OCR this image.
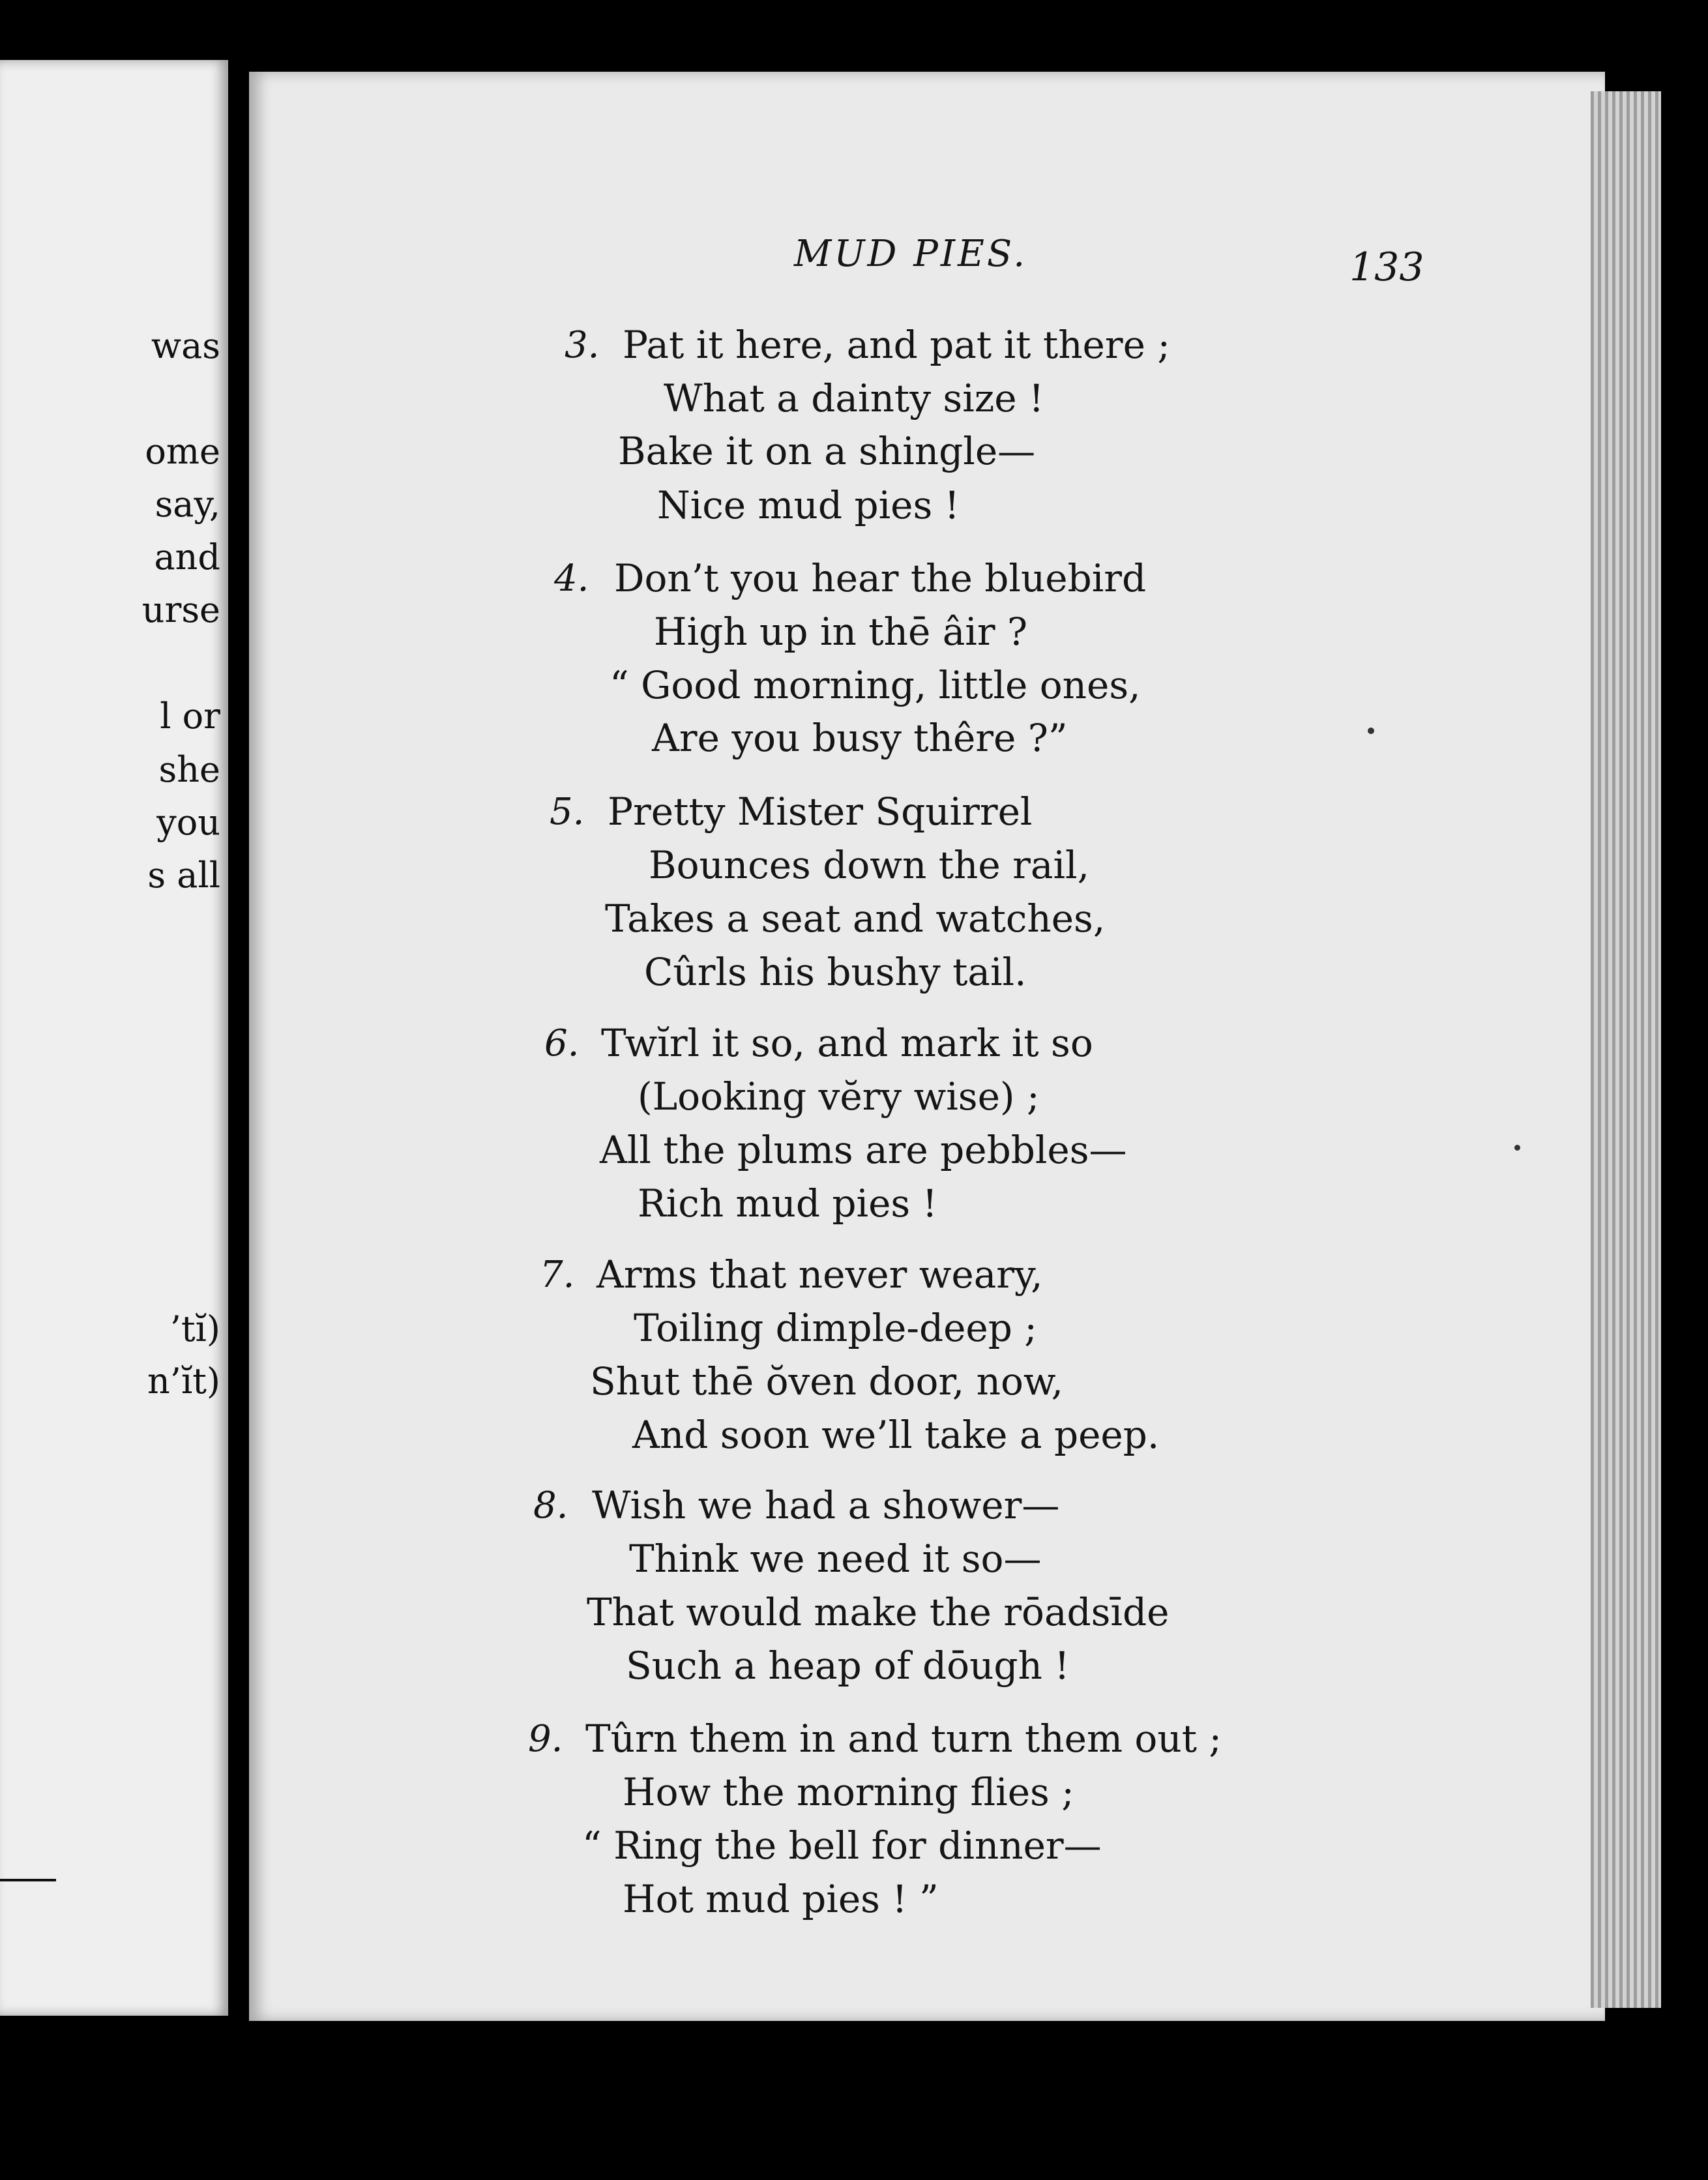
was
ome
say,
and
urse
l or
she
you
s all
’tĭ)
n’ĭt)
MUD PIES.	133
3. Pat it here, and pat it there ;
What a dainty size !
Bake it on a shingle—
Nice mud pies !
4. Don’t you hear the bluebird
High up in thē âir ?
“ Good morning, little ones,
Are you busy thêre ?”
5. Pretty Mister Squirrel
Bounces down the rail,
Takes a seat and watches,
Cûrls his bushy tail.
6. Twĭrl it so, and mark it so
(Looking vĕry wise) ;
All the plums are pebbles—
Rich mud pies !
7. Arms that never weary,
Toiling dimple-deep ;
Shut thē ŏven door, now,
And soon we’ll take a peep.
8. Wish we had a shower—
Think we need it so—
That would make the rōadsīde
Such a heap of dōugh !
9. Tûrn them in and turn them out ;
How the morning flies ;
“ Ring the bell for dinner—
Hot mud pies ! ”
